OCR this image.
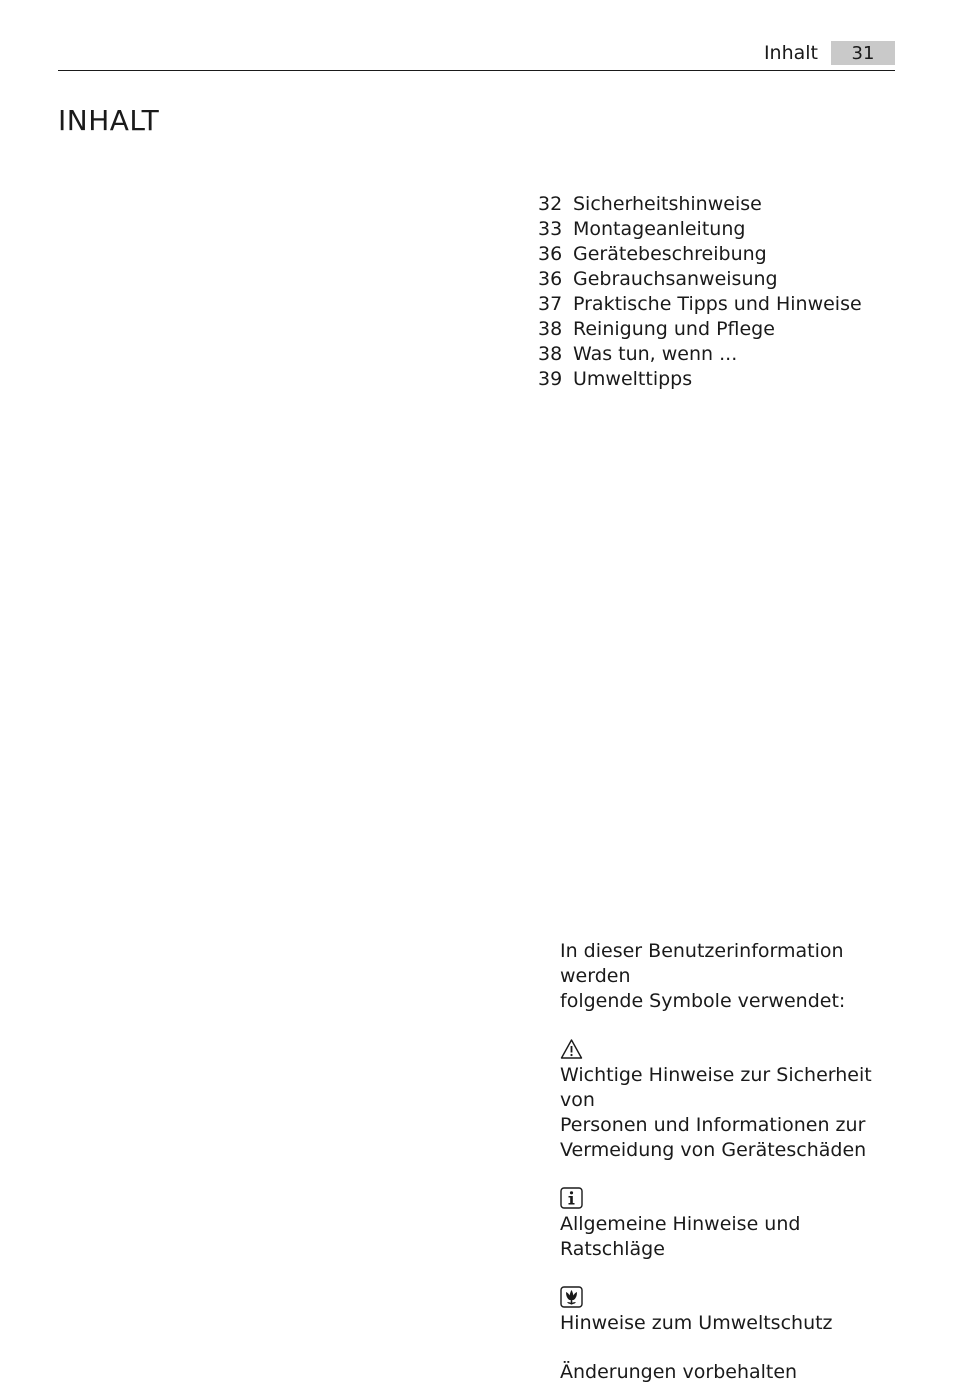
Inhalt	31
INHALT
32 Sicherheitshinweise
33 Montageanleitung
36 Gerätebeschreibung
36 Gebrauchsanweisung
37 Praktische Tipps und Hinweise
38 Reinigung und Pflege
38 Was tun, wenn ...
39 Umwelttipps

In dieser Benutzerinformation werden

folgende Symbole verwendet:

Wichtige Hinweise zur Sicherheit von

Personen und Informationen zur

Vermeidung von Geräteschäden

Allgemeine Hinweise und Ratschläge

Hinweise zum Umweltschutz

Änderungen vorbehalten
